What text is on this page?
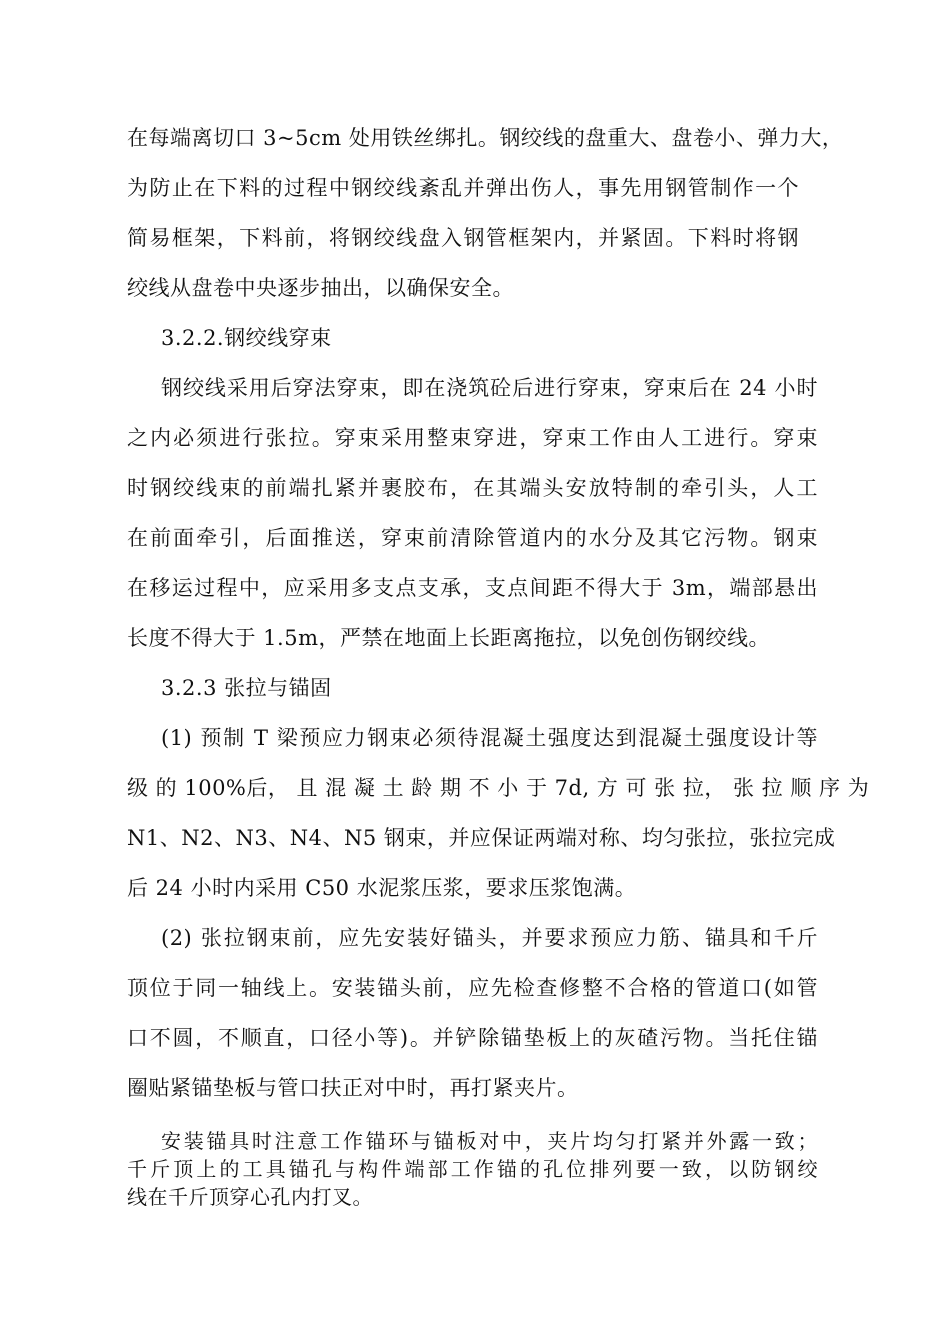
在每端离切口 3~5cm 处用铁丝绑扎。钢绞线的盘重大、盘卷小、弹力大，
为防止在下料的过程中钢绞线紊乱并弹出伤人，事先用钢管制作一个
简易框架，下料前，将钢绞线盘入钢管框架内，并紧固。下料时将钢
绞线从盘卷中央逐步抽出，以确保安全。
3.2.2.钢绞线穿束
钢绞线采用后穿法穿束，即在浇筑砼后进行穿束，穿束后在 24 小时
之内必须进行张拉。穿束采用整束穿进，穿束工作由人工进行。穿束
时钢绞线束的前端扎紧并裹胶布，在其端头安放特制的牵引头，人工
在前面牵引，后面推送，穿束前清除管道内的水分及其它污物。钢束
在移运过程中，应采用多支点支承，支点间距不得大于 3m，端部悬出
长度不得大于 1.5m，严禁在地面上长距离拖拉，以免创伤钢绞线。
3.2.3 张拉与锚固
(1) 预制 T 梁预应力钢束必须待混凝土强度达到混凝土强度设计等
级 的 100%后， 且 混 凝 土 龄 期 不 小 于 7d, 方 可 张 拉， 张 拉 顺 序 为
N1、N2、N3、N4、N5 钢束，并应保证两端对称、均匀张拉，张拉完成
后 24 小时内采用 C50 水泥浆压浆，要求压浆饱满。
(2) 张拉钢束前，应先安装好锚头，并要求预应力筋、锚具和千斤
顶位于同一轴线上。安装锚头前，应先检查修整不合格的管道口(如管
口不圆，不顺直，口径小等)。并铲除锚垫板上的灰碴污物。当托住锚
圈贴紧锚垫板与管口扶正对中时，再打紧夹片。
安装锚具时注意工作锚环与锚板对中，夹片均匀打紧并外露一致；
千斤顶上的工具锚孔与构件端部工作锚的孔位排列要一致，以防钢绞
线在千斤顶穿心孔内打叉。
